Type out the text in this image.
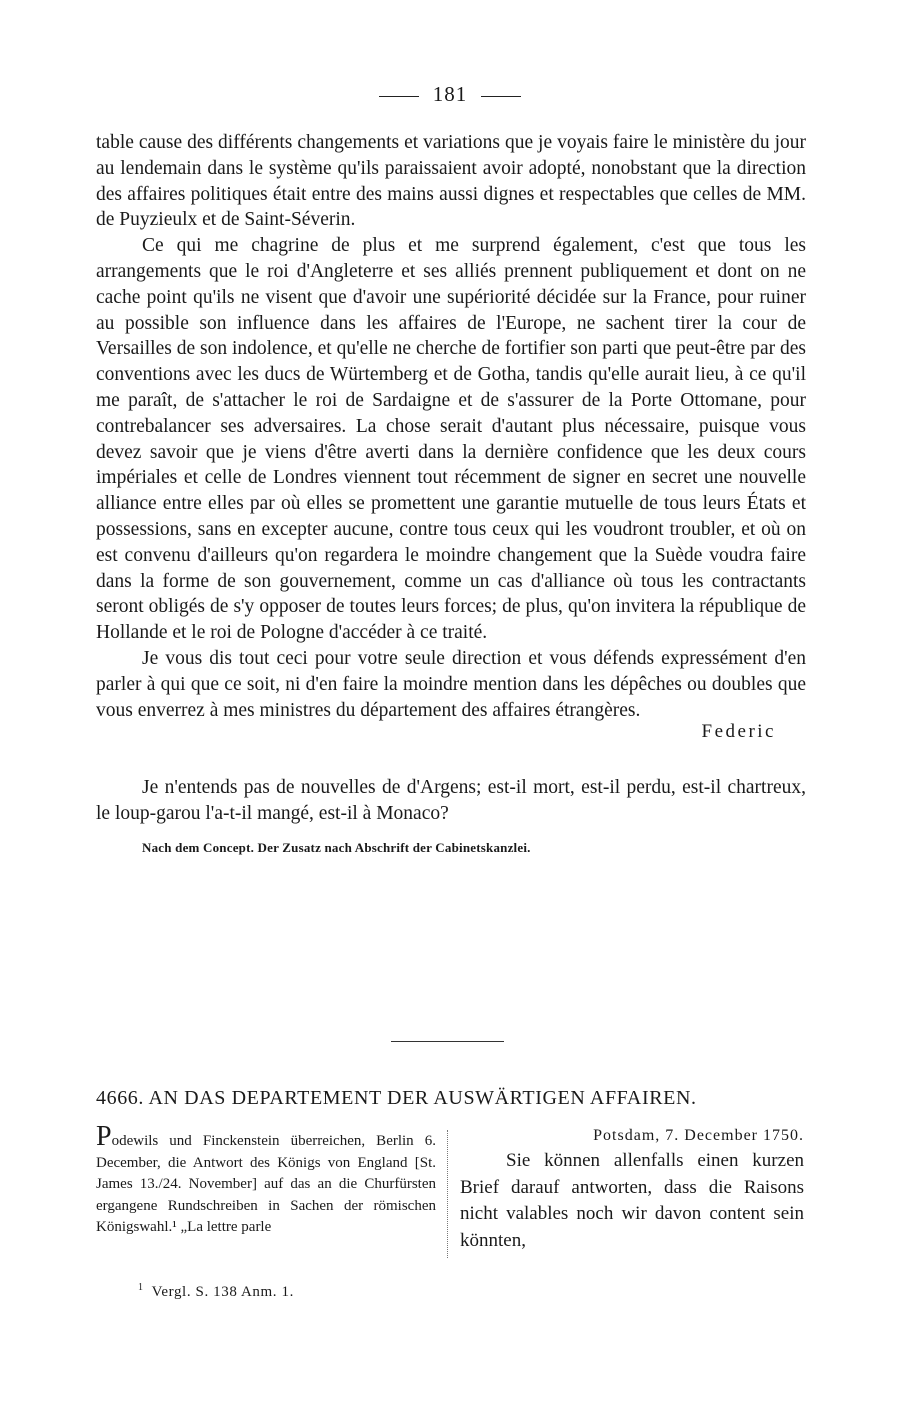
181

table cause des différents changements et variations que je voyais faire le ministère du jour au lendemain dans le système qu'ils paraissaient avoir adopté, nonobstant que la direction des affaires politiques était entre des mains aussi dignes et respectables que celles de MM. de Puyzieulx et de Saint-Séverin.

Ce qui me chagrine de plus et me surprend également, c'est que tous les arrangements que le roi d'Angleterre et ses alliés prennent publiquement et dont on ne cache point qu'ils ne visent que d'avoir une supériorité décidée sur la France, pour ruiner au possible son influence dans les affaires de l'Europe, ne sachent tirer la cour de Versailles de son indolence, et qu'elle ne cherche de fortifier son parti que peut-être par des conventions avec les ducs de Würtemberg et de Gotha, tandis qu'elle aurait lieu, à ce qu'il me paraît, de s'attacher le roi de Sardaigne et de s'assurer de la Porte Ottomane, pour contrebalancer ses adversaires. La chose serait d'autant plus nécessaire, puisque vous devez savoir que je viens d'être averti dans la dernière confidence que les deux cours impériales et celle de Londres viennent tout récemment de signer en secret une nouvelle alliance entre elles par où elles se promettent une garantie mutuelle de tous leurs États et possessions, sans en excepter aucune, contre tous ceux qui les voudront troubler, et où on est convenu d'ailleurs qu'on regardera le moindre changement que la Suède voudra faire dans la forme de son gouvernement, comme un cas d'alliance où tous les contractants seront obligés de s'y opposer de toutes leurs forces; de plus, qu'on invitera la république de Hollande et le roi de Pologne d'accéder à ce traité.

Je vous dis tout ceci pour votre seule direction et vous défends expressément d'en parler à qui que ce soit, ni d'en faire la moindre mention dans les dépêches ou doubles que vous enverrez à mes ministres du département des affaires étrangères.

Federic

Je n'entends pas de nouvelles de d'Argens; est-il mort, est-il perdu, est-il chartreux, le loup-garou l'a-t-il mangé, est-il à Monaco?

Nach dem Concept. Der Zusatz nach Abschrift der Cabinetskanzlei.

4666. AN DAS DEPARTEMENT DER AUSWÄRTIGEN AFFAIREN.
Podewils und Finckenstein überreichen, Berlin 6. December, die Antwort des Königs von England [St. James 13./24. November] auf das an die Churfürsten ergangene Rundschreiben in Sachen der römischen Königswahl.¹ „La lettre parle
Potsdam, 7. December 1750.

Sie können allenfalls einen kurzen Brief darauf antworten, dass die Raisons nicht valables noch wir davon content sein könnten,

$^1$ Vergl. S. 138 Anm. 1.
